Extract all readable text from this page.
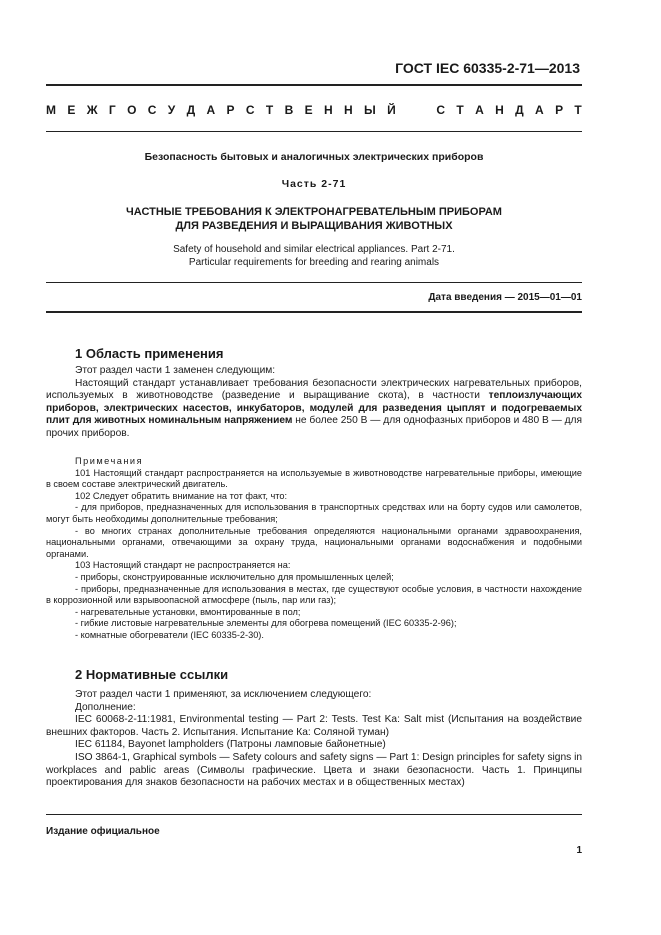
ГОСТ IEC 60335-2-71—2013
М Е Ж Г О С У Д А Р С Т В Е Н Н Ы Й

	С Т А Н Д А Р Т
Безопасность бытовых и аналогичных электрических приборов
Часть 2-71
ЧАСТНЫЕ ТРЕБОВАНИЯ К ЭЛЕКТРОНАГРЕВАТЕЛЬНЫМ ПРИБОРАМ
ДЛЯ РАЗВЕДЕНИЯ И ВЫРАЩИВАНИЯ ЖИВОТНЫХ
Safety of household and similar electrical appliances. Part 2-71.
Particular requirements for breeding and rearing animals
Дата введения — 2015—01—01
1 Область применения

Этот раздел части 1 заменен следующим:

Настоящий стандарт устанавливает требования безопасности электрических нагревательных приборов, используемых в животноводстве (разведение и выращивание скота), в частности теплоизлучающих приборов, электрических насестов, инкубаторов, модулей для разведения цыплят и подогреваемых плит для животных номинальным напряжением не более 250 В — для однофазных приборов и 480 В — для прочих приборов.

Примечания

101 Настоящий стандарт распространяется на используемые в животноводстве нагревательные приборы, имеющие в своем составе электрический двигатель.

102 Следует обратить внимание на тот факт, что:

- для приборов, предназначенных для использования в транспортных средствах или на борту судов или самолетов, могут быть необходимы дополнительные требования;

- во многих странах дополнительные требования определяются национальными органами здравоохранения, национальными органами, отвечающими за охрану труда, национальными органами водоснабжения и подобными органами.

103 Настоящий стандарт не распространяется на:

- приборы, сконструированные исключительно для промышленных целей;

- приборы, предназначенные для использования в местах, где существуют особые условия, в частности нахождение в коррозионной или взрывоопасной атмосфере (пыль, пар или газ);

- нагревательные установки, вмонтированные в пол;

- гибкие листовые нагревательные элементы для обогрева помещений (IEC 60335-2-96);

- комнатные обогреватели (IEC 60335-2-30).

2 Нормативные ссылки

Этот раздел части 1 применяют, за исключением следующего:

Дополнение:

IEC 60068-2-11:1981, Environmental testing — Part 2: Tests. Test Ka: Salt mist (Испытания на воздействие внешних факторов. Часть 2. Испытания. Испытание Ка: Соляной туман)

IEC 61184, Bayonet lampholders (Патроны ламповые байонетные)

ISO 3864-1, Graphical symbols — Safety colours and safety signs — Part 1: Design principles for safety signs in workplaces and pablic areas (Символы графические. Цвета и знаки безопасности. Часть 1. Принципы проектирования для знаков безопасности на рабочих местах и в общественных местах)

Издание официальное
1
